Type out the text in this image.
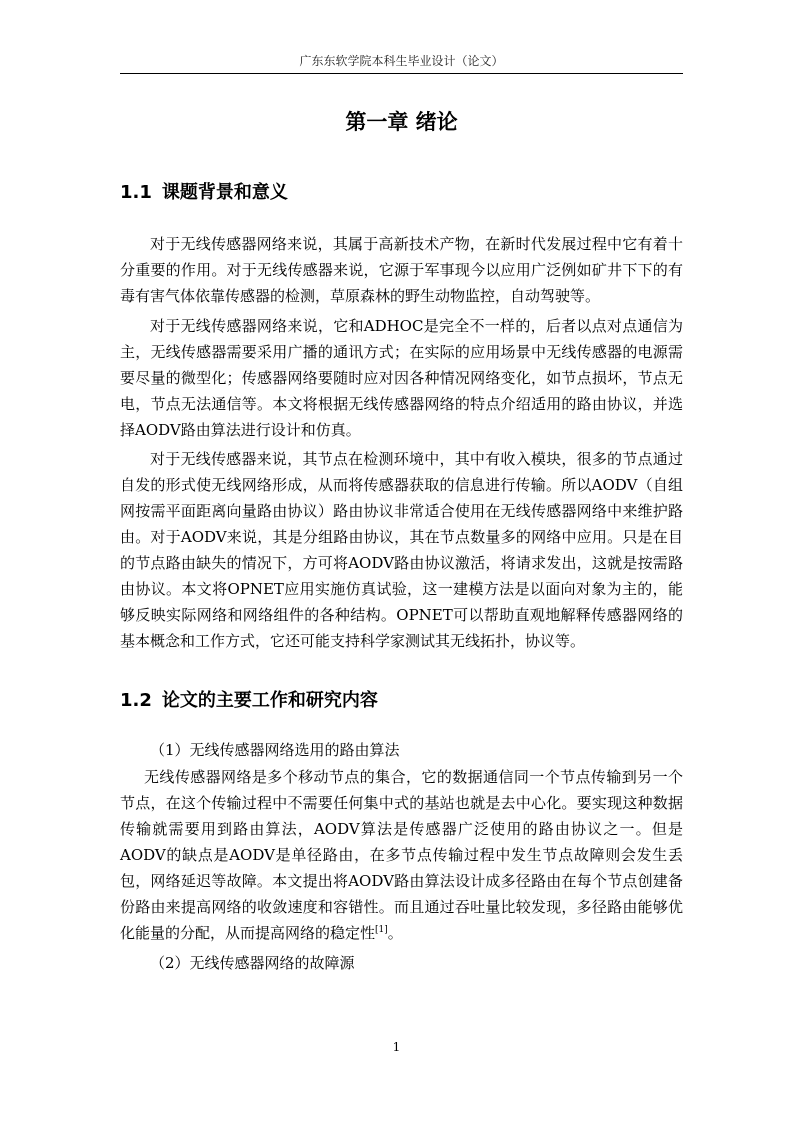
广东东软学院本科生毕业设计（论文）
第一章 绪论
1.1 课题背景和意义

对于无线传感器网络来说，其属于高新技术产物，在新时代发展过程中它有着十分重要的作用。对于无线传感器来说，它源于军事现今以应用广泛例如矿井下下的有毒有害气体依靠传感器的检测，草原森林的野生动物监控，自动驾驶等。

对于无线传感器网络来说，它和ADHOC是完全不一样的，后者以点对点通信为主，无线传感器需要采用广播的通讯方式；在实际的应用场景中无线传感器的电源需要尽量的微型化；传感器网络要随时应对因各种情况网络变化，如节点损坏，节点无电，节点无法通信等。本文将根据无线传感器网络的特点介绍适用的路由协议，并选择AODV路由算法进行设计和仿真。

对于无线传感器来说，其节点在检测环境中，其中有收入模块，很多的节点通过自发的形式使无线网络形成，从而将传感器获取的信息进行传输。所以AODV（自组网按需平面距离向量路由协议）路由协议非常适合使用在无线传感器网络中来维护路由。对于AODV来说，其是分组路由协议，其在节点数量多的网络中应用。只是在目的节点路由缺失的情况下，方可将AODV路由协议激活，将请求发出，这就是按需路由协议。本文将OPNET应用实施仿真试验，这一建模方法是以面向对象为主的，能够反映实际网络和网络组件的各种结构。OPNET可以帮助直观地解释传感器网络的基本概念和工作方式，它还可能支持科学家测试其无线拓扑，协议等。

1.2 论文的主要工作和研究内容

（1）无线传感器网络选用的路由算法

无线传感器网络是多个移动节点的集合，它的数据通信同一个节点传输到另一个节点，在这个传输过程中不需要任何集中式的基站也就是去中心化。要实现这种数据传输就需要用到路由算法，AODV算法是传感器广泛使用的路由协议之一。但是AODV的缺点是AODV是单径路由，在多节点传输过程中发生节点故障则会发生丢包，网络延迟等故障。本文提出将AODV路由算法设计成多径路由在每个节点创建备份路由来提高网络的收敛速度和容错性。而且通过吞吐量比较发现，多径路由能够优化能量的分配，从而提高网络的稳定性[1]。

（2）无线传感器网络的故障源

1
